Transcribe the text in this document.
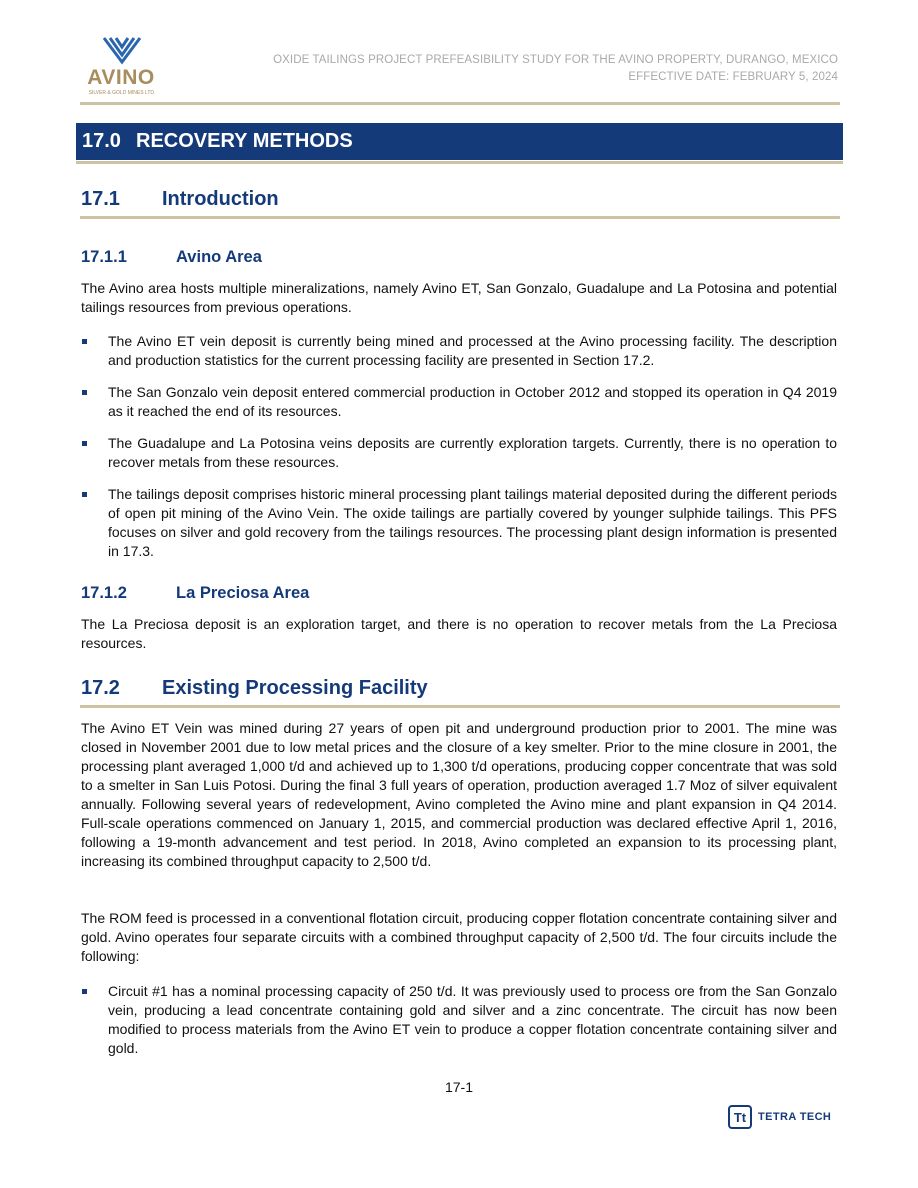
AVINO
SILVER & GOLD MINES LTD.
OXIDE TAILINGS PROJECT PREFEASIBILITY STUDY FOR THE AVINO PROPERTY, DURANGO, MEXICO
EFFECTIVE DATE: FEBRUARY 5, 2024
17.0 RECOVERY METHODS
17.1 Introduction
17.1.1	Avino Area
The Avino area hosts multiple mineralizations, namely Avino ET, San Gonzalo, Guadalupe and La Potosina and potential tailings resources from previous operations.
The Avino ET vein deposit is currently being mined and processed at the Avino processing facility. The description and production statistics for the current processing facility are presented in Section 17.2.
The San Gonzalo vein deposit entered commercial production in October 2012 and stopped its operation in Q4 2019 as it reached the end of its resources.
The Guadalupe and La Potosina veins deposits are currently exploration targets. Currently, there is no operation to recover metals from these resources.
The tailings deposit comprises historic mineral processing plant tailings material deposited during the different periods of open pit mining of the Avino Vein. The oxide tailings are partially covered by younger sulphide tailings. This PFS focuses on silver and gold recovery from the tailings resources. The processing plant design information is presented in 17.3.
17.1.2	La Preciosa Area
The La Preciosa deposit is an exploration target, and there is no operation to recover metals from the La Preciosa resources.
17.2 Existing Processing Facility
The Avino ET Vein was mined during 27 years of open pit and underground production prior to 2001. The mine was closed in November 2001 due to low metal prices and the closure of a key smelter. Prior to the mine closure in 2001, the processing plant averaged 1,000 t/d and achieved up to 1,300 t/d operations, producing copper concentrate that was sold to a smelter in San Luis Potosi. During the final 3 full years of operation, production averaged 1.7 Moz of silver equivalent annually. Following several years of redevelopment, Avino completed the Avino mine and plant expansion in Q4 2014. Full-scale operations commenced on January 1, 2015, and commercial production was declared effective April 1, 2016, following a 19-month advancement and test period. In 2018, Avino completed an expansion to its processing plant, increasing its combined throughput capacity to 2,500 t/d.
The ROM feed is processed in a conventional flotation circuit, producing copper flotation concentrate containing silver and gold. Avino operates four separate circuits with a combined throughput capacity of 2,500 t/d. The four circuits include the following:
Circuit #1 has a nominal processing capacity of 250 t/d. It was previously used to process ore from the San Gonzalo vein, producing a lead concentrate containing gold and silver and a zinc concentrate. The circuit has now been modified to process materials from the Avino ET vein to produce a copper flotation concentrate containing silver and gold.
17-1
Tt	TETRA TECH
